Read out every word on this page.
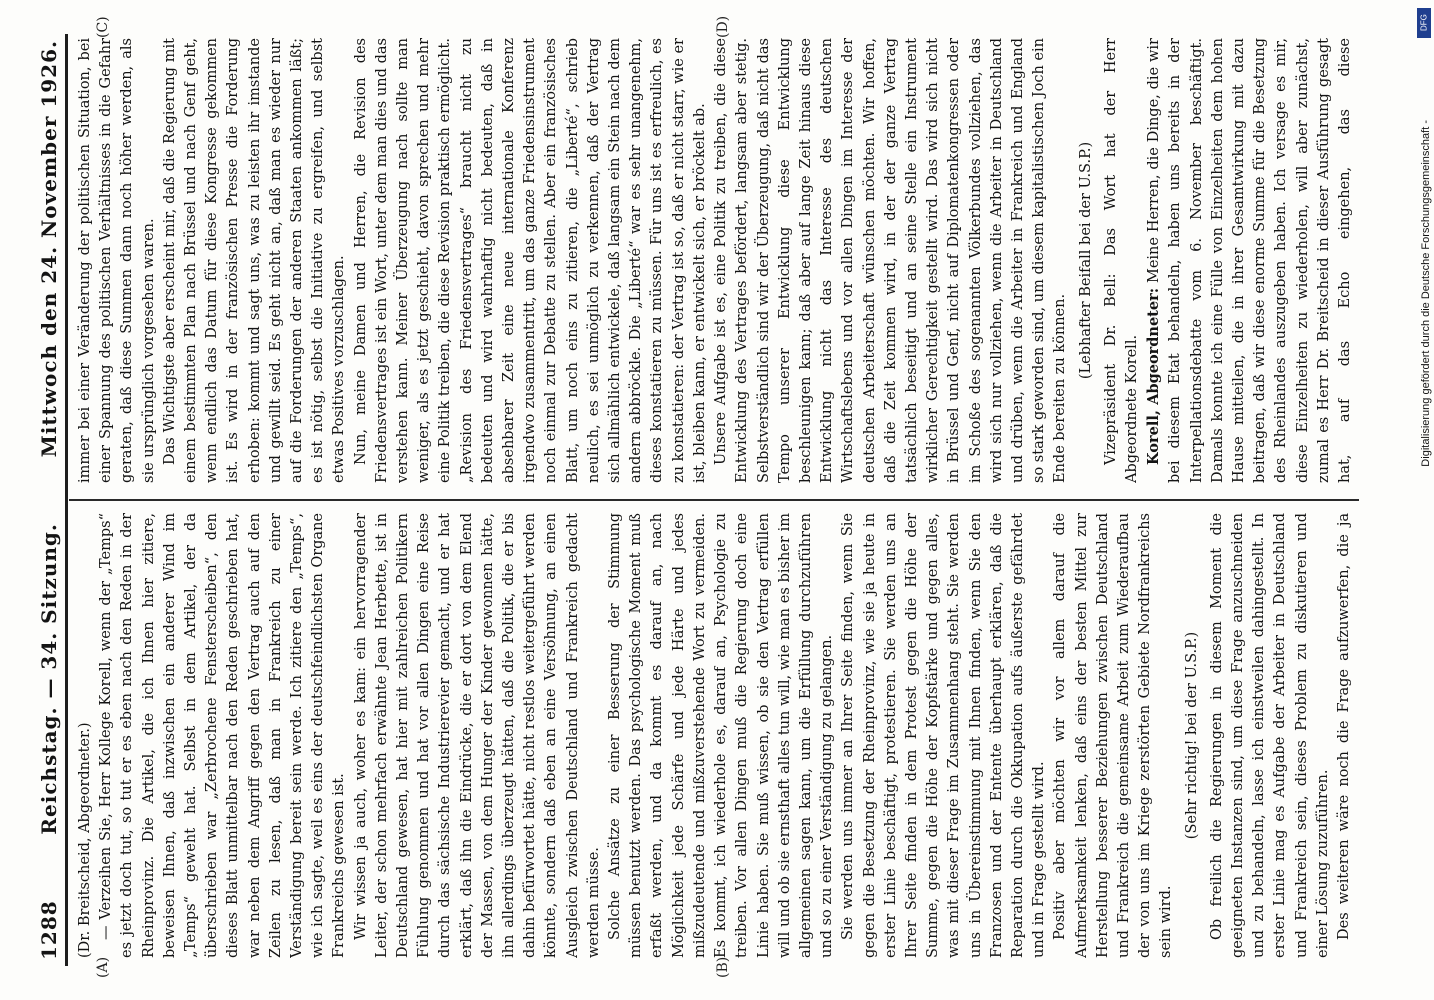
DFG
Digitalisierung gefördert durch die Deutsche Forschungsgemeinschaft -
1288
Reichstag. — 34. Sitzung.
Mittwoch den 24. November 1926.
(A)	(B)
(C)	(D)

(Dr. Breitscheid, Abgeordneter.) — Verzeihen Sie, Herr Kollege Korell, wenn der „Temps“ es jetzt doch tut, so tut er es eben nach den Reden in der Rheinprovinz. Die Artikel, die ich Ihnen hier zitiere, beweisen Ihnen, daß inzwischen ein anderer Wind im „Temps“ geweht hat. Selbst in dem Artikel, der da überschrieben war „Zerbrochene Fensterscheiben“, den dieses Blatt unmittelbar nach den Reden geschrieben hat, war neben dem Angriff gegen den Vertrag auch auf den Zeilen zu lesen, daß man in Frankreich zu einer Verständigung bereit sein werde. Ich zitiere den „Temps“, wie ich sagte, weil es eins der deutschfeindlichsten Organe Frankreichs gewesen ist. Wir wissen ja auch, woher es kam: ein hervorragender Leiter, der schon mehrfach erwähnte Jean Herbette, ist in Deutschland gewesen, hat hier mit zahlreichen Politikern Fühlung genommen und hat vor allen Dingen eine Reise durch das sächsische Industrierevier gemacht, und er hat erklärt, daß ihn die Eindrücke, die er dort von dem Elend der Massen, von dem Hunger der Kinder gewonnen hätte, ihn allerdings überzeugt hätten, daß die Politik, die er bis dahin befürwortet hätte, nicht restlos weitergeführt werden könnte, sondern daß eben an eine Versöhnung, an einen Ausgleich zwischen Deutschland und Frankreich gedacht werden müsse. Solche Ansätze zu einer Besserung der Stimmung müssen benutzt werden. Das psychologische Moment muß erfaßt werden, und da kommt es darauf an, nach Möglichkeit jede Schärfe und jede Härte und jedes mißzudeutende und mißzuverstehende Wort zu vermeiden. Es kommt, ich wiederhole es, darauf an, Psychologie zu treiben. Vor allen Dingen muß die Regierung doch eine Linie haben. Sie muß wissen, ob sie den Vertrag erfüllen will und ob sie ernsthaft alles tun will, wie man es bisher im allgemeinen sagen kann, um die Erfüllung durchzuführen und so zu einer Verständigung zu gelangen. Sie werden uns immer an Ihrer Seite finden, wenn Sie gegen die Besetzung der Rheinprovinz, wie sie ja heute in erster Linie beschäftigt, protestieren. Sie werden uns an Ihrer Seite finden in dem Protest gegen die Höhe der Summe, gegen die Höhe der Kopfstärke und gegen alles, was mit dieser Frage im Zusammenhang steht. Sie werden uns in Übereinstimmung mit Ihnen finden, wenn Sie den Franzosen und der Entente überhaupt erklären, daß die Reparation durch die Okkupation aufs äußerste gefährdet und in Frage gestellt wird. Positiv aber möchten wir vor allem darauf die Aufmerksamkeit lenken, daß eins der besten Mittel zur Herstellung besserer Beziehungen zwischen Deutschland und Frankreich die gemeinsame Arbeit zum Wiederaufbau der von uns im Kriege zerstörten Gebiete Nordfrankreichs sein wird.

(Sehr richtig! bei der U.S.P.) Ob freilich die Regierungen in diesem Moment die geeigneten Instanzen sind, um diese Frage anzuschneiden und zu behandeln, lasse ich einstweilen dahingestellt. In erster Linie mag es Aufgabe der Arbeiter in Deutschland und Frankreich sein, dieses Problem zu diskutieren und einer Lösung zuzuführen. Des weiteren wäre noch die Frage aufzuwerfen, die ja

immer bei einer Veränderung der politischen Situation, bei einer Spannung des politischen Verhältnisses in die Gefahr geraten, daß diese Summen dann noch höher werden, als sie ursprünglich vorgesehen waren. Das Wichtigste aber erscheint mir, daß die Regierung mit einem bestimmten Plan nach Brüssel und nach Genf geht, wenn endlich das Datum für diese Kongresse gekommen ist. Es wird in der französischen Presse die Forderung erhoben: kommt und sagt uns, was zu leisten ihr imstande und gewillt seid. Es geht nicht an, daß man es wieder nur auf die Forderungen der anderen Staaten ankommen läßt; es ist nötig, selbst die Initiative zu ergreifen, und selbst etwas Positives vorzuschlagen. Nun, meine Damen und Herren, die Revision des Friedensvertrages ist ein Wort, unter dem man dies und das verstehen kann. Meiner Überzeugung nach sollte man weniger, als es jetzt geschieht, davon sprechen und mehr eine Politik treiben, die diese Revision praktisch ermöglicht. „Revision des Friedensvertrages“ braucht nicht zu bedeuten und wird wahrhaftig nicht bedeuten, daß in absehbarer Zeit eine neue internationale Konferenz irgendwo zusammentritt, um das ganze Friedensinstrument noch einmal zur Debatte zu stellen. Aber ein französisches Blatt, um noch eins zu zitieren, die „Liberté“, schrieb neulich, es sei unmöglich zu verkennen, daß der Vertrag sich allmählich entwickele, daß langsam ein Stein nach dem andern abbröckle. Die „Liberté“ war es sehr unangenehm, dieses konstatieren zu müssen. Für uns ist es erfreulich, es zu konstatieren: der Vertrag ist so, daß er nicht starr, wie er ist, bleiben kann, er entwickelt sich, er bröckelt ab. Unsere Aufgabe ist es, eine Politik zu treiben, die diese Entwicklung des Vertrages befördert, langsam aber stetig. Selbstverständlich sind wir der Überzeugung, daß nicht das Tempo unserer Entwicklung diese Entwicklung beschleunigen kann; daß aber auf lange Zeit hinaus diese Entwicklung nicht das Interesse des deutschen Wirtschaftslebens und vor allen Dingen im Interesse der deutschen Arbeiterschaft wünschen möchten. Wir hoffen, daß die Zeit kommen wird, in der der ganze Vertrag tatsächlich beseitigt und an seine Stelle ein Instrument wirklicher Gerechtigkeit gestellt wird. Das wird sich nicht in Brüssel und Genf, nicht auf Diplomatenkongressen oder im Schoße des sogenannten Völkerbundes vollziehen, das wird sich nur vollziehen, wenn die Arbeiter in Deutschland und drüben, wenn die Arbeiter in Frankreich und England so stark geworden sind, um diesem kapitalistischen Joch ein Ende bereiten zu können.

(Lebhafter Beifall bei der U.S.P.) Vizepräsident Dr. Bell: Das Wort hat der Herr Abgeordnete Korell. Korell, Abgeordneter: Meine Herren, die Dinge, die wir bei diesem Etat behandeln, haben uns bereits in der Interpellationsdebatte vom 6. November beschäftigt. Damals konnte ich eine Fülle von Einzelheiten dem hohen Hause mitteilen, die in ihrer Gesamtwirkung mit dazu beitragen, daß wir diese enorme Summe für die Besetzung des Rheinlandes auszugeben haben. Ich versage es mir, diese Einzelheiten zu wiederholen, will aber zunächst, zumal es Herr Dr. Breitscheid in dieser Ausführung gesagt hat, auf das Echo eingehen, das diese
